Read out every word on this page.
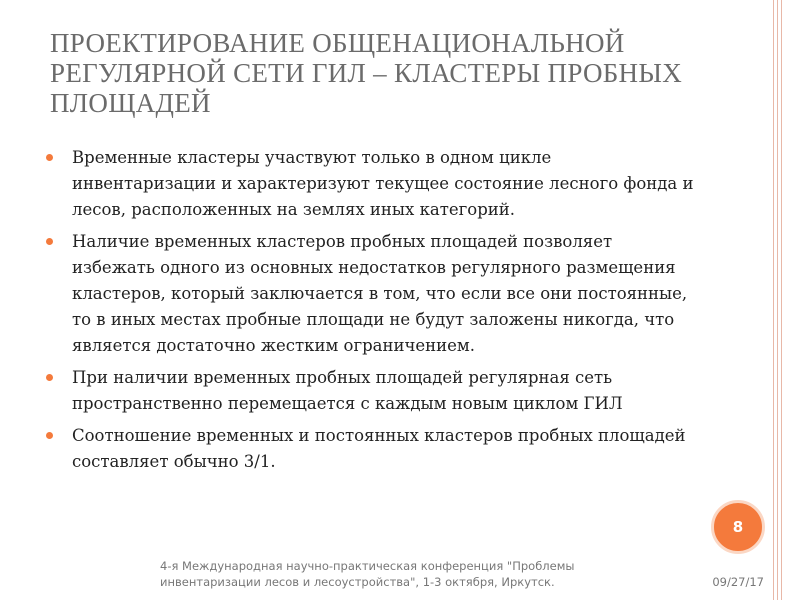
ПРОЕКТИРОВАНИЕ ОБЩЕНАЦИОНАЛЬНОЙ РЕГУЛЯРНОЙ СЕТИ ГИЛ – КЛАСТЕРЫ ПРОБНЫХ ПЛОЩАДЕЙ
Временные кластеры участвуют только в одном цикле инвентаризации и характеризуют текущее состояние лесного фонда и лесов, расположенных на землях иных категорий.
Наличие временных кластеров пробных площадей позволяет избежать одного из основных недостатков регулярного размещения кластеров, который заключается в том, что если все они постоянные, то в иных местах пробные площади не будут заложены никогда, что является достаточно жестким ограничением.
При наличии временных пробных площадей регулярная сеть пространственно перемещается с каждым новым циклом ГИЛ
Соотношение временных и постоянных кластеров пробных площадей составляет обычно 3/1.
8

4-я Международная научно-практическая конференция "Проблемы инвентаризации лесов и лесоустройства", 1-3 октября, Иркутск.	09/27/17
